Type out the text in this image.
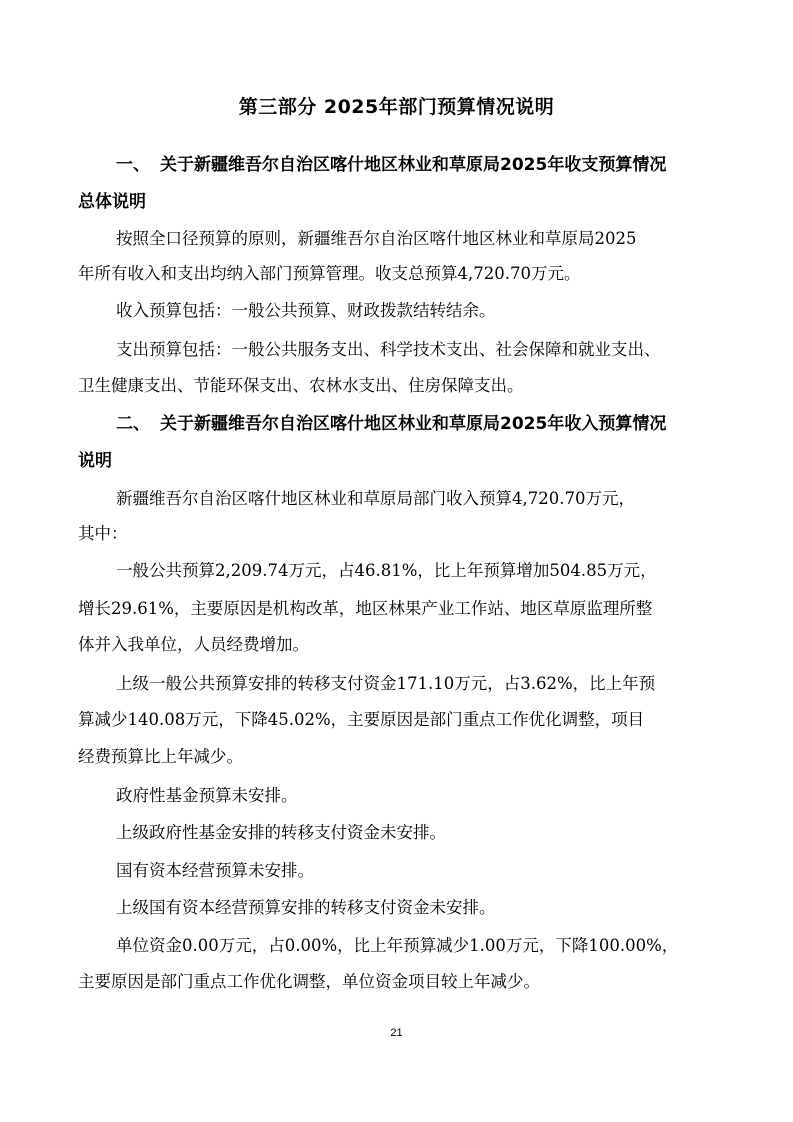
第三部分 2025年部门预算情况说明
一、 关于新疆维吾尔自治区喀什地区林业和草原局2025年收支预算情况
总体说明
按照全口径预算的原则，新疆维吾尔自治区喀什地区林业和草原局2025
年所有收入和支出均纳入部门预算管理。收支总预算4,720.70万元。
收入预算包括：一般公共预算、财政拨款结转结余。
支出预算包括：一般公共服务支出、科学技术支出、社会保障和就业支出、
卫生健康支出、节能环保支出、农林水支出、住房保障支出。
二、 关于新疆维吾尔自治区喀什地区林业和草原局2025年收入预算情况
说明
新疆维吾尔自治区喀什地区林业和草原局部门收入预算4,720.70万元，
其中：
一般公共预算2,209.74万元，占46.81%，比上年预算增加504.85万元，
增长29.61%，主要原因是机构改革，地区林果产业工作站、地区草原监理所整
体并入我单位，人员经费增加。
上级一般公共预算安排的转移支付资金171.10万元，占3.62%，比上年预
算减少140.08万元，下降45.02%，主要原因是部门重点工作优化调整，项目
经费预算比上年减少。
政府性基金预算未安排。
上级政府性基金安排的转移支付资金未安排。
国有资本经营预算未安排。
上级国有资本经营预算安排的转移支付资金未安排。
单位资金0.00万元，占0.00%，比上年预算减少1.00万元，下降100.00%，
主要原因是部门重点工作优化调整，单位资金项目较上年减少。
21
